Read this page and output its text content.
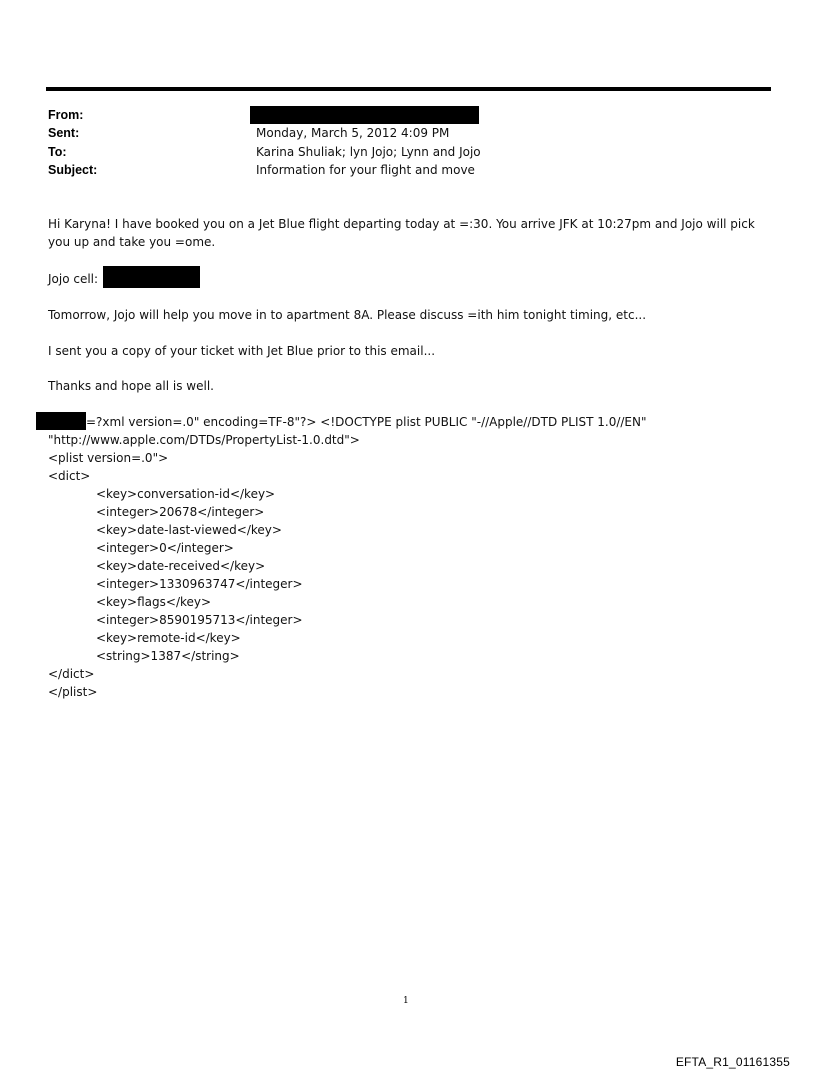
From:
Sent:	Monday, March 5, 2012 4:09 PM
To:	Karina Shuliak; lyn Jojo; Lynn and Jojo
Subject:	Information for your flight and move
Hi Karyna! I have booked you on a Jet Blue flight departing today at =:30. You arrive JFK at 10:27pm and Jojo will pick you up and take you =ome.
Jojo cell:
Tomorrow, Jojo will help you move in to apartment 8A. Please discuss =ith him tonight timing, etc...
I sent you a copy of your ticket with Jet Blue prior to this email...
Thanks and hope all is well.
=?xml version=.0" encoding=TF-8"?> <!DOCTYPE plist PUBLIC "-//Apple//DTD PLIST 1.0//EN"
"http://www.apple.com/DTDs/PropertyList-1.0.dtd">
<plist version=.0">
<dict>
<key>conversation-id</key>
<integer>20678</integer>
<key>date-last-viewed</key>
<integer>0</integer>
<key>date-received</key>
<integer>1330963747</integer>
<key>flags</key>
<integer>8590195713</integer>
<key>remote-id</key>
<string>1387</string>
</dict>
</plist>
1
EFTA_R1_01161355
